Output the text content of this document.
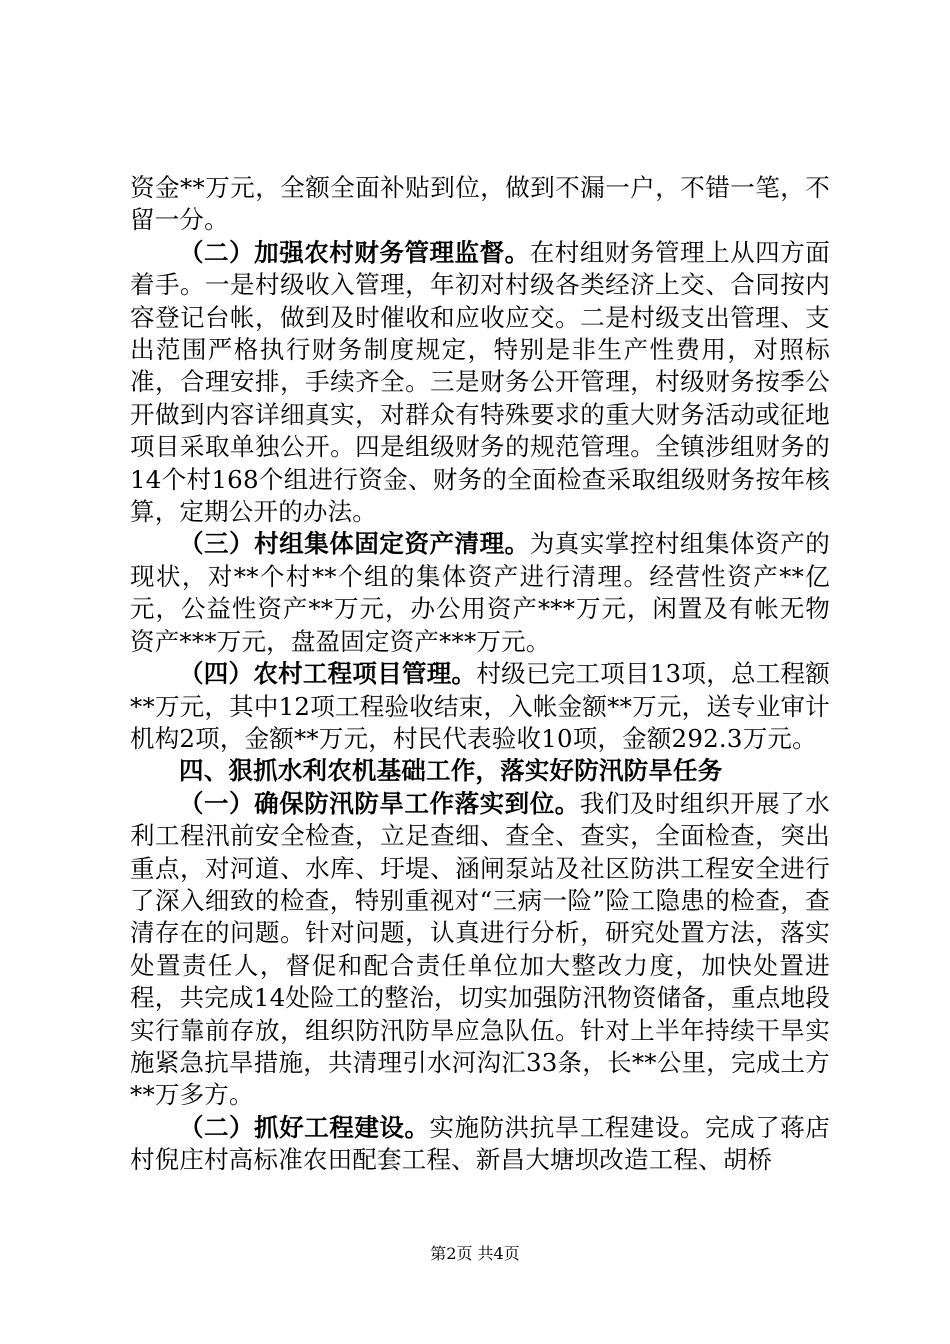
资金**万元，全额全面补贴到位，做到不漏一户，不错一笔，不留一分。

（二）加强农村财务管理监督。在村组财务管理上从四方面着手。一是村级收入管理，年初对村级各类经济上交、合同按内容登记台帐，做到及时催收和应收应交。二是村级支出管理、支出范围严格执行财务制度规定，特别是非生产性费用，对照标准，合理安排，手续齐全。三是财务公开管理，村级财务按季公开做到内容详细真实，对群众有特殊要求的重大财务活动或征地项目采取单独公开。四是组级财务的规范管理。全镇涉组财务的14个村168个组进行资金、财务的全面检查采取组级财务按年核算，定期公开的办法。

（三）村组集体固定资产清理。为真实掌控村组集体资产的现状，对**个村**个组的集体资产进行清理。经营性资产**亿元，公益性资产**万元，办公用资产***万元，闲置及有帐无物资产***万元，盘盈固定资产***万元。

（四）农村工程项目管理。村级已完工项目13项，总工程额**万元，其中12项工程验收结束，入帐金额**万元，送专业审计机构2项，金额**万元，村民代表验收10项，金额292.3万元。

四、狠抓水利农机基础工作，落实好防汛防旱任务

（一）确保防汛防旱工作落实到位。我们及时组织开展了水利工程汛前安全检查，立足查细、查全、查实，全面检查，突出重点，对河道、水库、圩堤、涵闸泵站及社区防洪工程安全进行了深入细致的检查，特别重视对“三病一险”险工隐患的检查，查清存在的问题。针对问题，认真进行分析，研究处置方法，落实处置责任人，督促和配合责任单位加大整改力度，加快处置进程，共完成14处险工的整治，切实加强防汛物资储备，重点地段实行靠前存放，组织防汛防旱应急队伍。针对上半年持续干旱实施紧急抗旱措施，共清理引水河沟汇33条，长**公里，完成土方**万多方。

（二）抓好工程建设。实施防洪抗旱工程建设。完成了蒋店村倪庄村高标准农田配套工程、新昌大塘坝改造工程、胡桥

第2页 共4页
